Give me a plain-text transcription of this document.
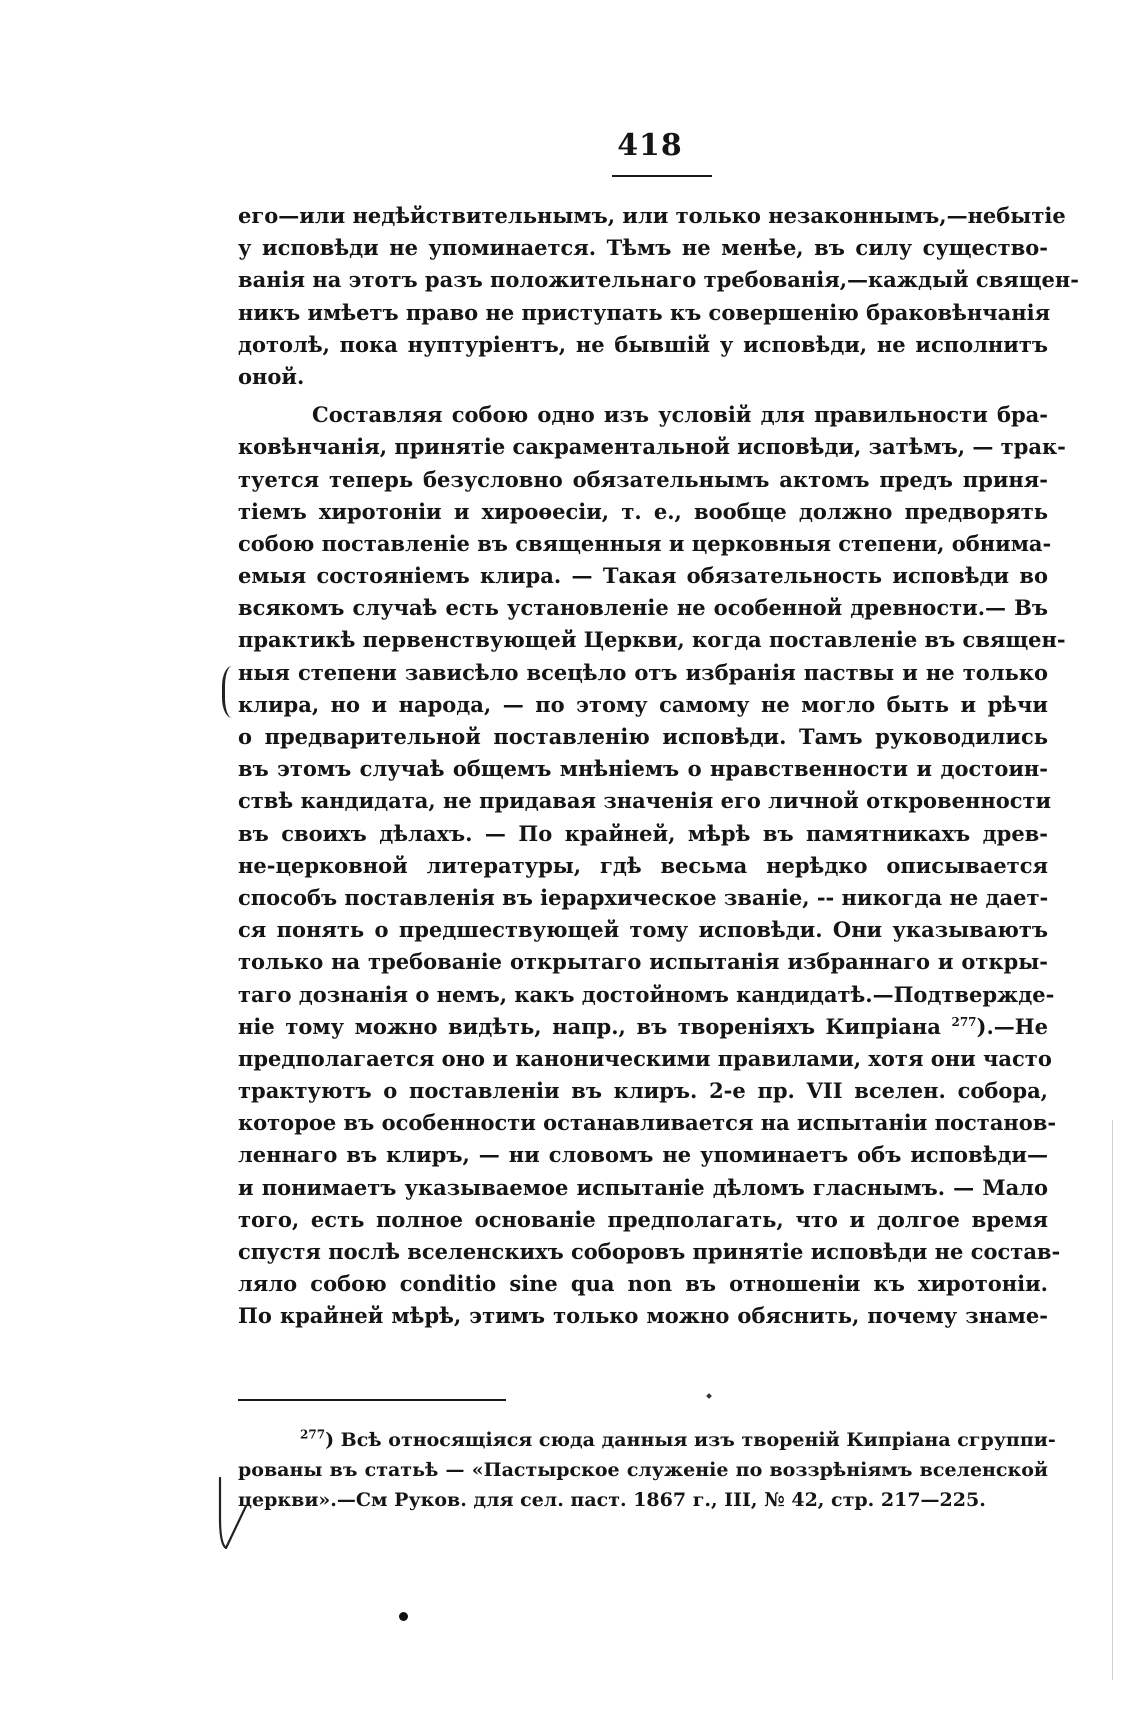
418
его—или недѣйствительнымъ, или только незаконнымъ,—небытіе
у исповѣди не упоминается. Тѣмъ не менѣе, въ силу существо-
ванія на этотъ разъ положительнаго требованія,—каждый священ-
никъ имѣетъ право не приступать къ совершенію браковѣнчанія
дотолѣ, пока нуптуріентъ, не бывшій у исповѣди, не исполнитъ
оной.
Составляя собою одно изъ условій для правильности бра-
ковѣнчанія, принятіе сакраментальной исповѣди, затѣмъ, — трак-
туется теперь безусловно обязательнымъ актомъ предъ приня-
тіемъ хиротоніи и хироѳесіи, т. е., вообще должно предворять
собою поставленіе въ священныя и церковныя степени, обнима-
емыя состояніемъ клира. — Такая обязательность исповѣди во
всякомъ случаѣ есть установленіе не особенной древности.— Въ
практикѣ первенствующей Церкви, когда поставленіе въ священ-
ныя степени зависѣло всецѣло отъ избранія паствы и не только
клира, но и народа, — по этому самому не могло быть и рѣчи
о предварительной поставленію исповѣди. Тамъ руководились
въ этомъ случаѣ общемъ мнѣніемъ о нравственности и достоин-
ствѣ кандидата, не придавая значенія его личной откровенности
въ своихъ дѣлахъ. — По крайней, мѣрѣ въ памятникахъ древ-
не-церковной литературы, гдѣ весьма нерѣдко описывается
способъ поставленія въ іерархическое званіе, -- никогда не дает-
ся понять о предшествующей тому исповѣди. Они указываютъ
только на требованіе открытаго испытанія избраннаго и откры-
таго дознанія о немъ, какъ достойномъ кандидатѣ.—Подтвержде-
ніе тому можно видѣть, напр., въ твореніяхъ Кипріана $^{277}$).—Не
предполагается оно и каноническими правилами, хотя они часто
трактуютъ о поставленіи въ клиръ. 2-е пр. VII вселен. собора,
которое въ особенности останавливается на испытаніи постанов-
леннаго въ клиръ, — ни словомъ не упоминаетъ объ исповѣди—
и понимаетъ указываемое испытаніе дѣломъ гласнымъ. — Мало
того, есть полное основаніе предполагать, что и долгое время
спустя послѣ вселенскихъ соборовъ принятіе исповѣди не состав-
ляло собою conditio sine qua non въ отношеніи къ хиротоніи.
По крайней мѣрѣ, этимъ только можно обяснить, почему знаме-
$^{277}$) Всѣ относящіяся сюда данныя изъ твореній Кипріана сгруппи-
рованы въ статьѣ — «Пастырское служеніе по воззрѣніямъ вселенской
церкви».—См Руков. для сел. паст. 1867 г., III, № 42, стр. 217—225.
